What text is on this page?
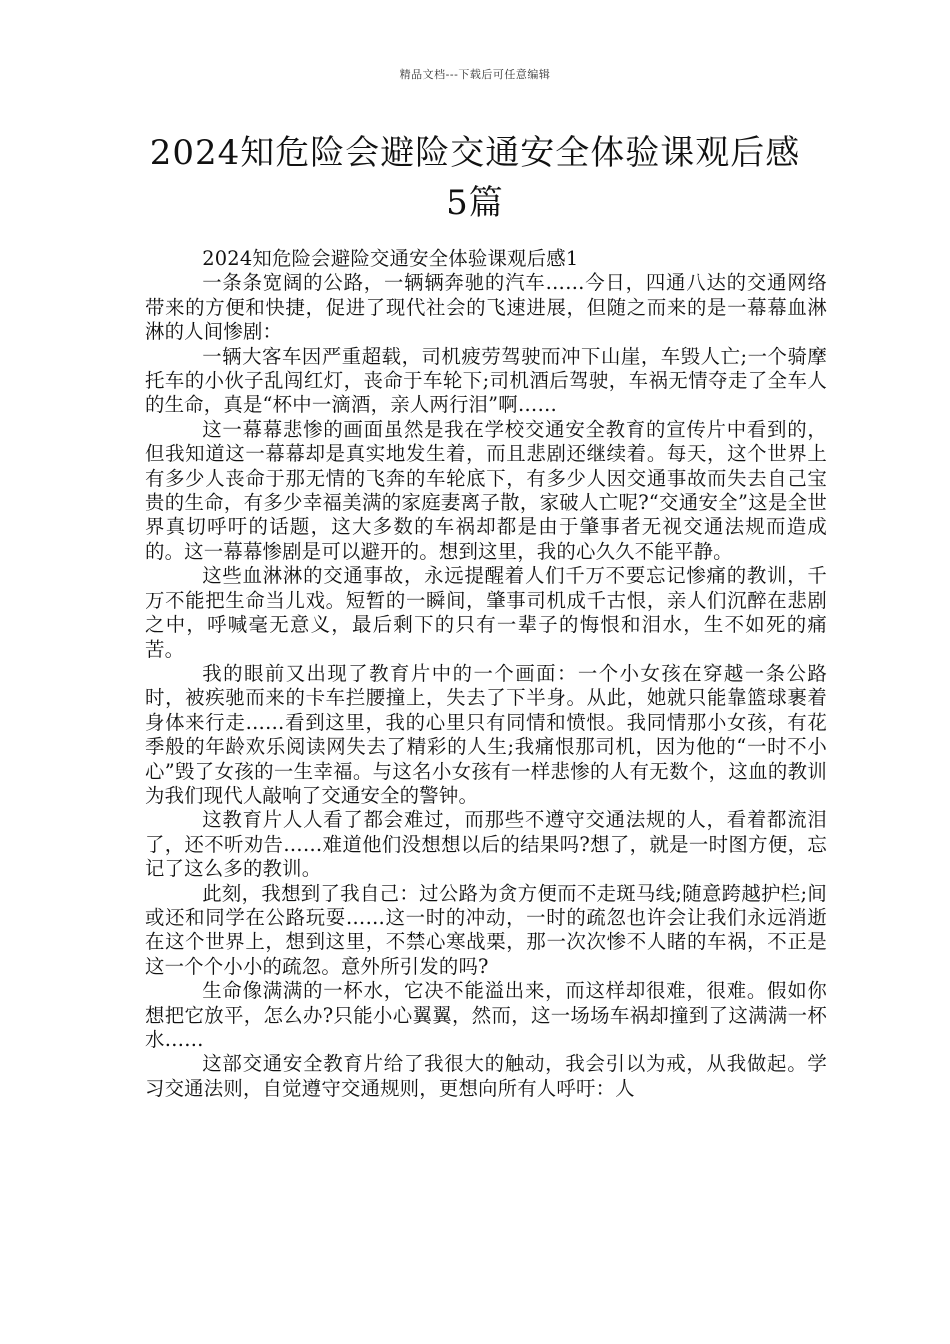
精品文档---下载后可任意编辑
2024知危险会避险交通安全体验课观后感
5篇

2024知危险会避险交通安全体验课观后感1

一条条宽阔的公路，一辆辆奔驰的汽车……今日，四通八达的交通网络带来的方便和快捷，促进了现代社会的飞速进展，但随之而来的是一幕幕血淋淋的人间惨剧：

一辆大客车因严重超载，司机疲劳驾驶而冲下山崖，车毁人亡;一个骑摩托车的小伙子乱闯红灯，丧命于车轮下;司机酒后驾驶，车祸无情夺走了全车人的生命，真是“杯中一滴酒，亲人两行泪”啊……

这一幕幕悲惨的画面虽然是我在学校交通安全教育的宣传片中看到的，但我知道这一幕幕却是真实地发生着，而且悲剧还继续着。每天，这个世界上有多少人丧命于那无情的飞奔的车轮底下，有多少人因交通事故而失去自己宝贵的生命，有多少幸福美满的家庭妻离子散，家破人亡呢?“交通安全”这是全世界真切呼吁的话题，这大多数的车祸却都是由于肇事者无视交通法规而造成的。这一幕幕惨剧是可以避开的。想到这里，我的心久久不能平静。

这些血淋淋的交通事故，永远提醒着人们千万不要忘记惨痛的教训，千万不能把生命当儿戏。短暂的一瞬间，肇事司机成千古恨，亲人们沉醉在悲剧之中，呼喊毫无意义，最后剩下的只有一辈子的悔恨和泪水，生不如死的痛苦。

我的眼前又出现了教育片中的一个画面：一个小女孩在穿越一条公路时，被疾驰而来的卡车拦腰撞上，失去了下半身。从此，她就只能靠篮球裹着身体来行走……看到这里，我的心里只有同情和愤恨。我同情那小女孩，有花季般的年龄欢乐阅读网失去了精彩的人生;我痛恨那司机，因为他的“一时不小心”毁了女孩的一生幸福。与这名小女孩有一样悲惨的人有无数个，这血的教训为我们现代人敲响了交通安全的警钟。

这教育片人人看了都会难过，而那些不遵守交通法规的人，看着都流泪了，还不听劝告……难道他们没想想以后的结果吗?想了，就是一时图方便，忘记了这么多的教训。

此刻，我想到了我自己：过公路为贪方便而不走斑马线;随意跨越护栏;间或还和同学在公路玩耍……这一时的冲动，一时的疏忽也许会让我们永远消逝在这个世界上，想到这里，不禁心寒战栗，那一次次惨不人睹的车祸，不正是这一个个小小的疏忽。意外所引发的吗?

生命像满满的一杯水，它决不能溢出来，而这样却很难，很难。假如你想把它放平，怎么办?只能小心翼翼，然而，这一场场车祸却撞到了这满满一杯水……

这部交通安全教育片给了我很大的触动，我会引以为戒，从我做起。学习交通法则，自觉遵守交通规则，更想向所有人呼吁：人
